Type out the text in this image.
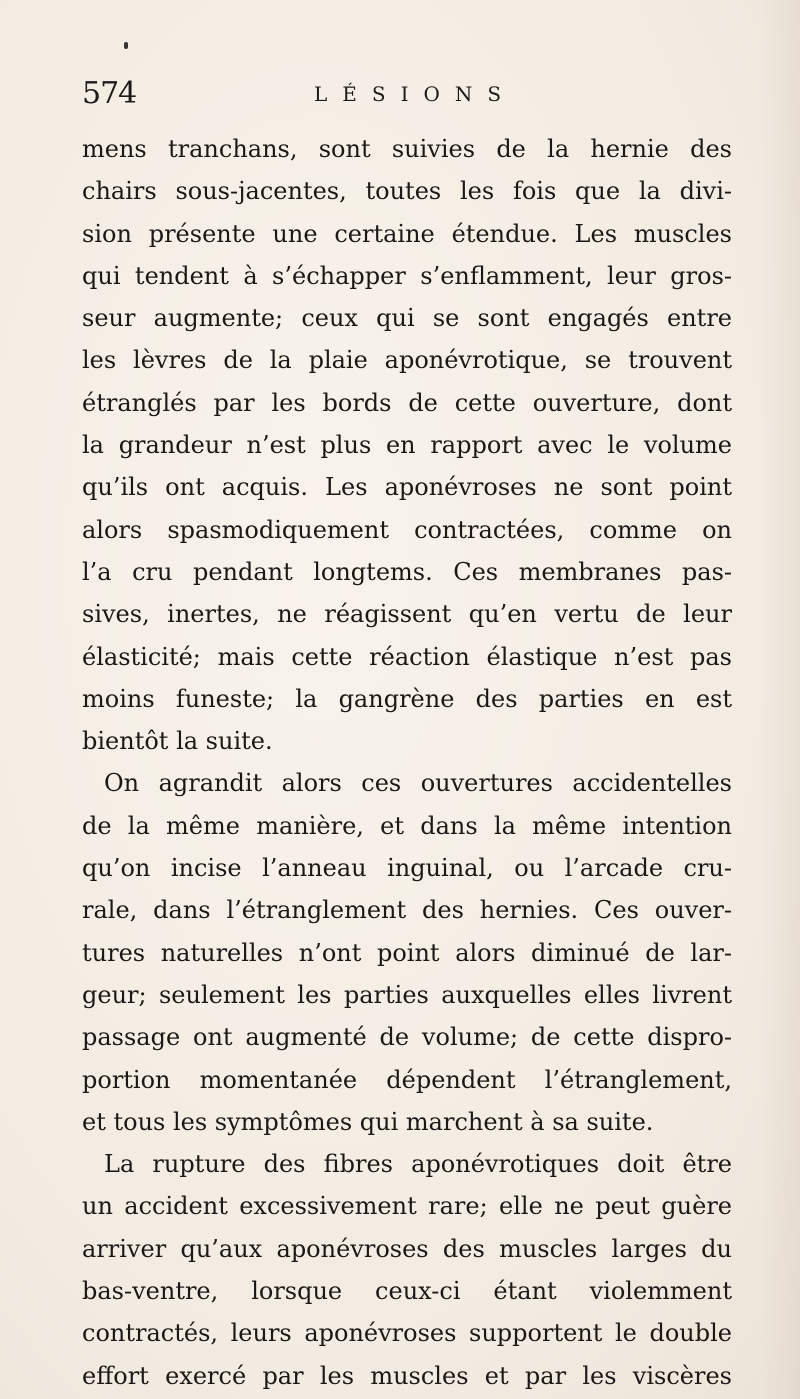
574	LÉSIONS
mens tranchans, sont suivies de la hernie des
chairs sous-jacentes, toutes les fois que la divi-
sion présente une certaine étendue. Les muscles
qui tendent à s’échapper s’enflamment, leur gros-
seur augmente; ceux qui se sont engagés entre
les lèvres de la plaie aponévrotique, se trouvent
étranglés par les bords de cette ouverture, dont
la grandeur n’est plus en rapport avec le volume
qu’ils ont acquis. Les aponévroses ne sont point
alors spasmodiquement contractées, comme on
l’a cru pendant longtems. Ces membranes pas-
sives, inertes, ne réagissent qu’en vertu de leur
élasticité; mais cette réaction élastique n’est pas
moins funeste; la gangrène des parties en est
bientôt la suite.
On agrandit alors ces ouvertures accidentelles
de la même manière, et dans la même intention
qu’on incise l’anneau inguinal, ou l’arcade cru-
rale, dans l’étranglement des hernies. Ces ouver-
tures naturelles n’ont point alors diminué de lar-
geur; seulement les parties auxquelles elles livrent
passage ont augmenté de volume; de cette dispro-
portion momentanée dépendent l’étranglement,
et tous les symptômes qui marchent à sa suite.
La rupture des fibres aponévrotiques doit être
un accident excessivement rare; elle ne peut guère
arriver qu’aux aponévroses des muscles larges du
bas-ventre, lorsque ceux-ci étant violemment
contractés, leurs aponévroses supportent le double
effort exercé par les muscles et par les viscères
